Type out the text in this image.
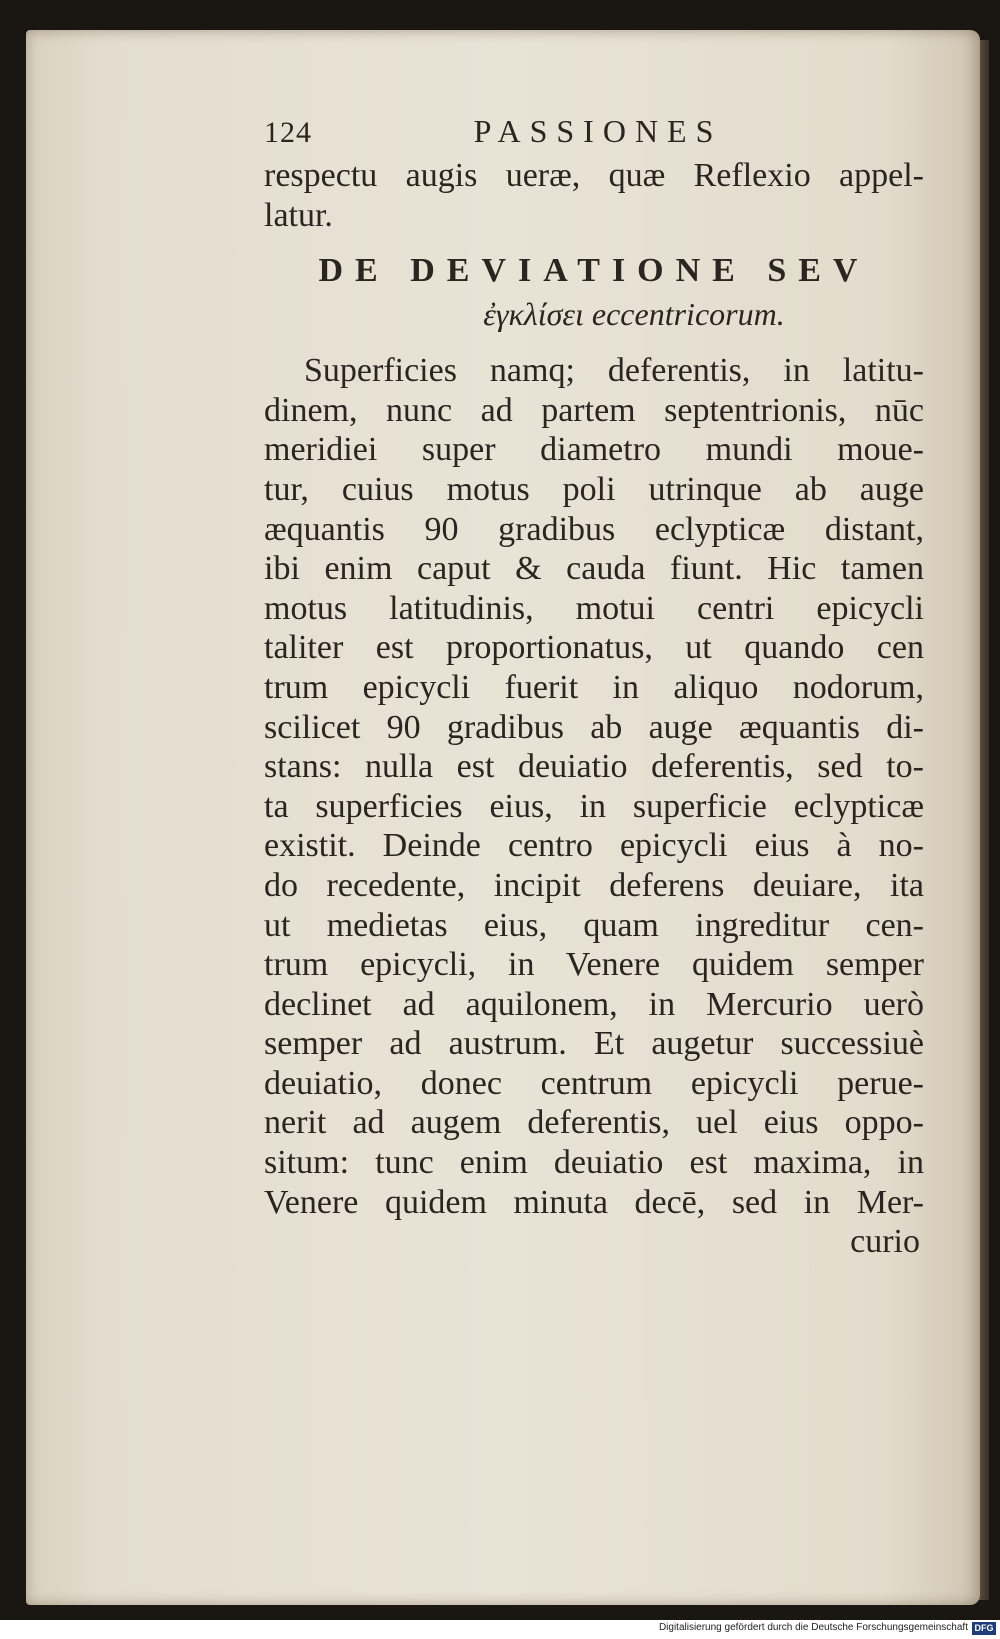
124	PASSIONES
respectu augis ueræ, quæ Reflexio appel-
latur.
DE DEVIATIONE SEV
ἐγκλίσει eccentricorum.
Superficies namq; deferentis, in latitu-
dinem, nunc ad partem septentrionis, nūc
meridiei super diametro mundi moue-
tur, cuius motus poli utrinque ab auge
æquantis 90 gradibus eclypticæ distant,
ibi enim caput & cauda fiunt. Hic tamen
motus latitudinis, motui centri epicycli
taliter est proportionatus, ut quando cen
trum epicycli fuerit in aliquo nodorum,
scilicet 90 gradibus ab auge æquantis di-
stans: nulla est deuiatio deferentis, sed to-
ta superficies eius, in superficie eclypticæ
existit. Deinde centro epicycli eius à no-
do recedente, incipit deferens deuiare, ita
ut medietas eius, quam ingreditur cen-
trum epicycli, in Venere quidem semper
declinet ad aquilonem, in Mercurio uerò
semper ad austrum. Et augetur successiuè
deuiatio, donec centrum epicycli perue-
nerit ad augem deferentis, uel eius oppo-
situm: tunc enim deuiatio est maxima, in
Venere quidem minuta decē, sed in Mer-
curio
Digitalisierung gefördert durch die Deutsche Forschungsgemeinschaft DFG
